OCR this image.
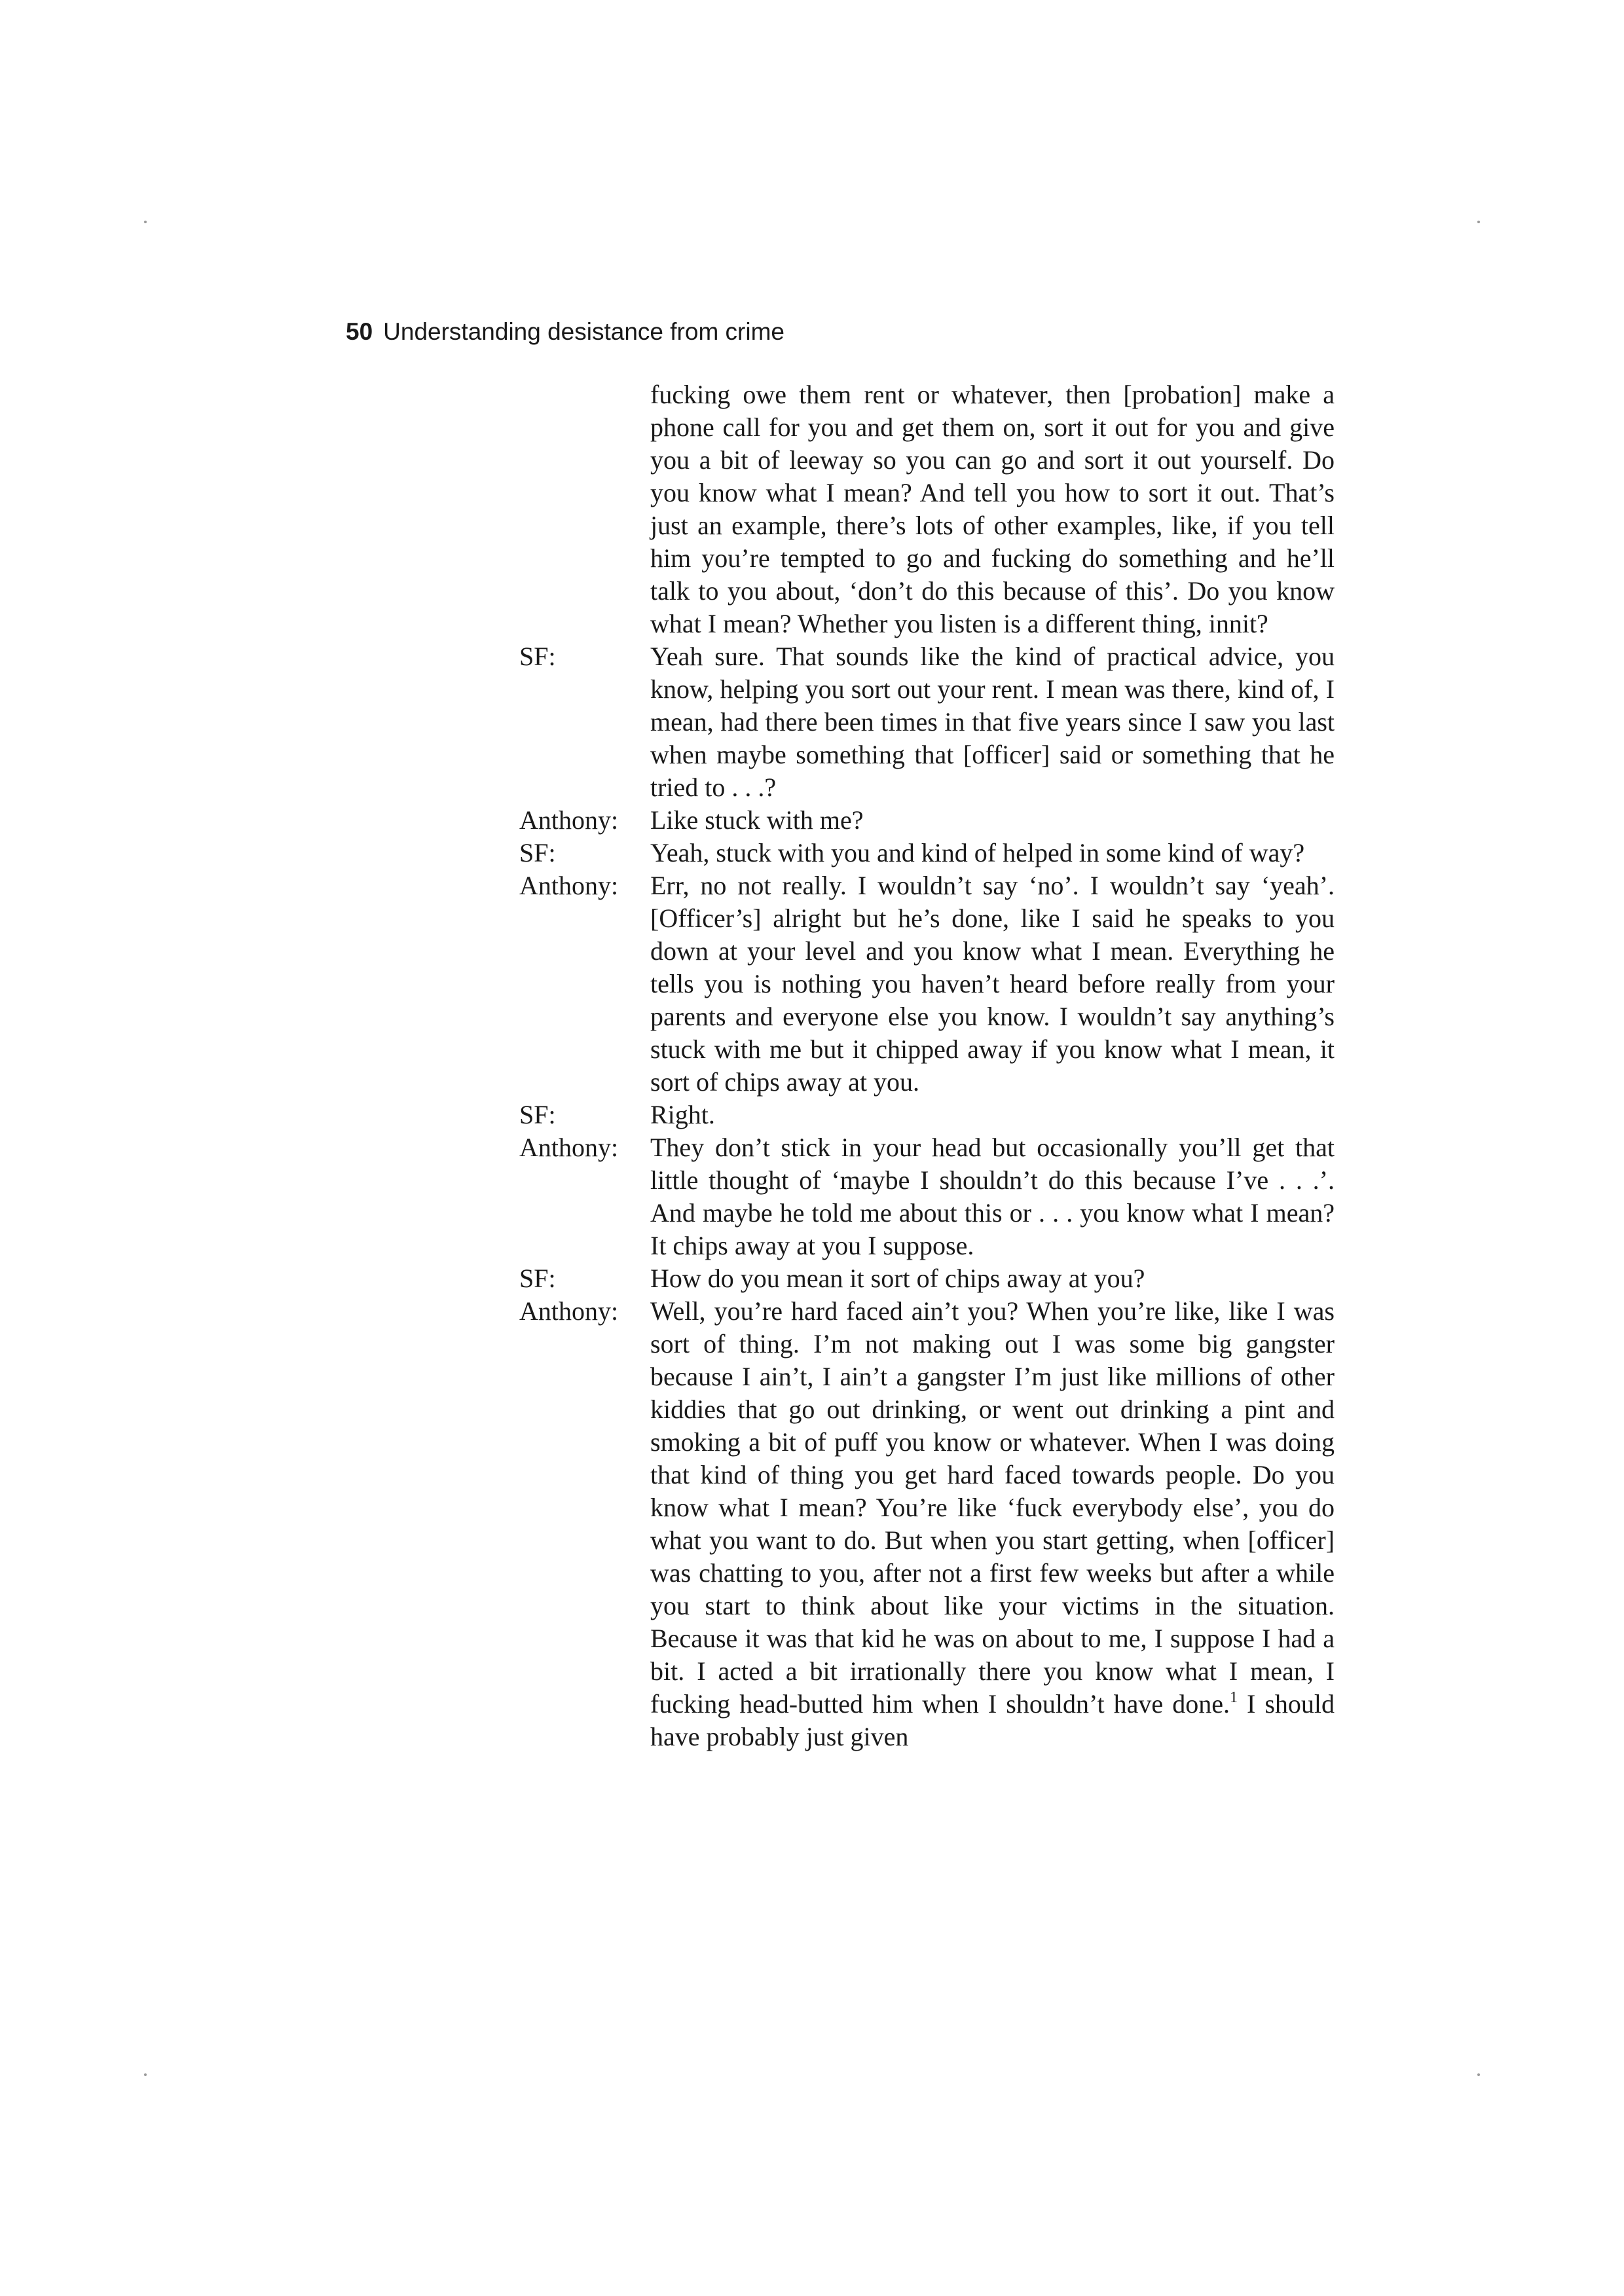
50 Understanding desistance from crime
fucking owe them rent or whatever, then [probation] make a phone call for you and get them on, sort it out for you and give you a bit of leeway so you can go and sort it out yourself. Do you know what I mean? And tell you how to sort it out. That’s just an example, there’s lots of other examples, like, if you tell him you’re tempted to go and fucking do something and he’ll talk to you about, ‘don’t do this because of this’. Do you know what I mean? Whether you listen is a different thing, innit?
SF:	Yeah sure. That sounds like the kind of practical advice, you know, helping you sort out your rent. I mean was there, kind of, I mean, had there been times in that five years since I saw you last when maybe something that [officer] said or something that he tried to . . .?
Anthony:	Like stuck with me?
SF:	Yeah, stuck with you and kind of helped in some kind of way?
Anthony:	Err, no not really. I wouldn’t say ‘no’. I wouldn’t say ‘yeah’. [Officer’s] alright but he’s done, like I said he speaks to you down at your level and you know what I mean. Everything he tells you is nothing you haven’t heard before really from your parents and everyone else you know. I wouldn’t say anything’s stuck with me but it chipped away if you know what I mean, it sort of chips away at you.
SF:	Right.
Anthony:	They don’t stick in your head but occasionally you’ll get that little thought of ‘maybe I shouldn’t do this because I’ve . . .’. And maybe he told me about this or . . . you know what I mean? It chips away at you I suppose.
SF:	How do you mean it sort of chips away at you?
Anthony:	Well, you’re hard faced ain’t you? When you’re like, like I was sort of thing. I’m not making out I was some big gangster because I ain’t, I ain’t a gangster I’m just like millions of other kiddies that go out drinking, or went out drinking a pint and smoking a bit of puff you know or whatever. When I was doing that kind of thing you get hard faced towards people. Do you know what I mean? You’re like ‘fuck everybody else’, you do what you want to do. But when you start getting, when [officer] was chatting to you, after not a first few weeks but after a while you start to think about like your victims in the situation. Because it was that kid he was on about to me, I suppose I had a bit. I acted a bit irrationally there you know what I mean, I fucking head-butted him when I shouldn’t have done.$^1$ I should have probably just given
